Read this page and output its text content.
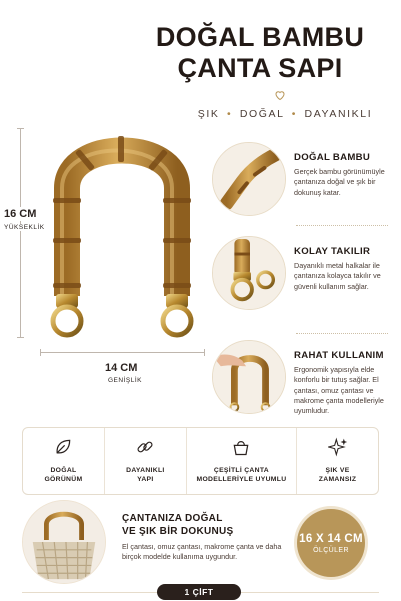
DOĞAL BAMBU
ÇANTA SAPI
ŞIK • DOĞAL • DAYANIKLI
16 CM
YÜKSEKLİK
14 CM
GENİŞLİK
DOĞAL BAMBU
Gerçek bambu görünümüyle çantanıza doğal ve şık bir dokunuş katar.
KOLAY TAKILIR
Dayanıklı metal halkalar ile çantanıza kolayca takılır ve güvenli kullanım sağlar.
RAHAT KULLANIM
Ergonomik yapısıyla elde konforlu bir tutuş sağlar. El çantası, omuz çantası ve makrome çanta modelleriyle uyumludur.
DOĞAL
GÖRÜNÜM
DAYANIKLI
YAPI
ÇEŞİTLİ ÇANTA
MODELLERİYLE UYUMLU
ŞIK VE
ZAMANSIZ
ÇANTANIZA DOĞAL
VE ŞIK BİR DOKUNUŞ
El çantası, omuz çantası, makrome çanta ve daha birçok modelde kullanıma uygundur.
16 X 14 CM
ÖLÇÜLER
1 ÇİFT
